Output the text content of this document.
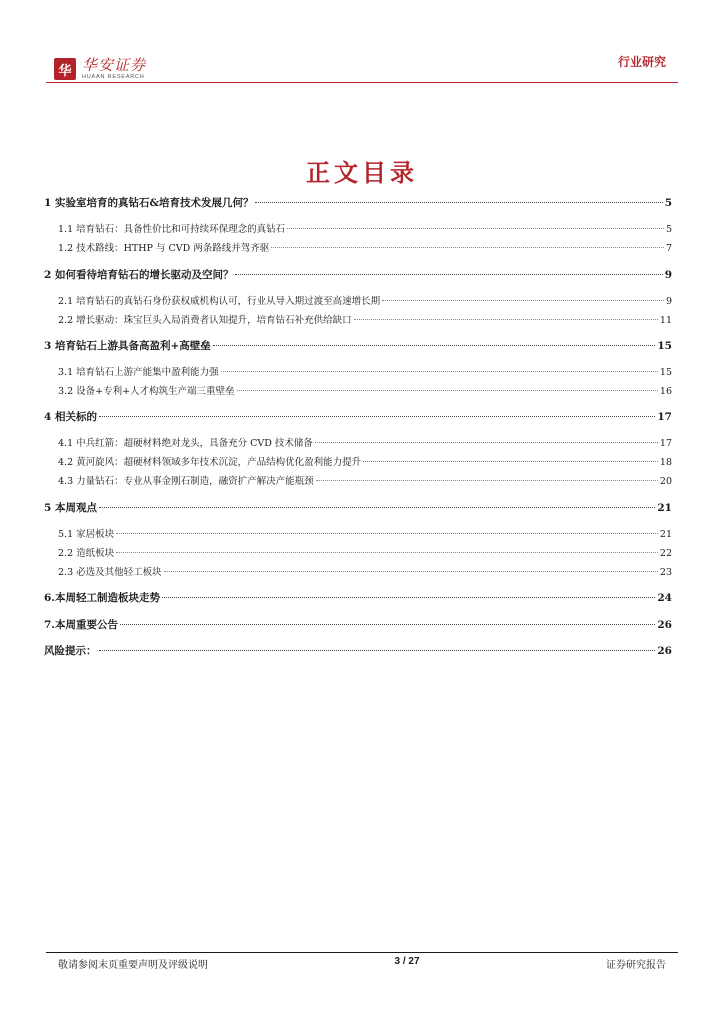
华 华安证券
HUAAN RESEARCH
行业研究
正文目录
1 实验室培育的真钻石&培育技术发展几何？	5
1.1 培育钻石：具备性价比和可持续环保理念的真钻石	5
1.2 技术路线：HTHP 与 CVD 两条路线并驾齐驱	7
2 如何看待培育钻石的增长驱动及空间？	9
2.1 培育钻石的真钻石身份获权威机构认可，行业从导入期过渡至高速增长期	9
2.2 增长驱动：珠宝巨头入局消费者认知提升，培育钻石补充供给缺口	11
3 培育钻石上游具备高盈利+高壁垒	15
3.1 培育钻石上游产能集中盈利能力强	15
3.2 设备+专利+人才构筑生产端三重壁垒	16
4 相关标的	17
4.1 中兵红箭：超硬材料绝对龙头，具备充分 CVD 技术储备	17
4.2 黄河旋风：超硬材料领域多年技术沉淀，产品结构优化盈利能力提升	18
4.3 力量钻石：专业从事金刚石制造，融资扩产解决产能瓶颈	20
5 本周观点	21
5.1 家居板块	21
2.2 造纸板块	22
2.3 必选及其他轻工板块	23
6.本周轻工制造板块走势	24
7.本周重要公告	26
风险提示：	26
敬请参阅末页重要声明及评级说明	3 / 27	证券研究报告
